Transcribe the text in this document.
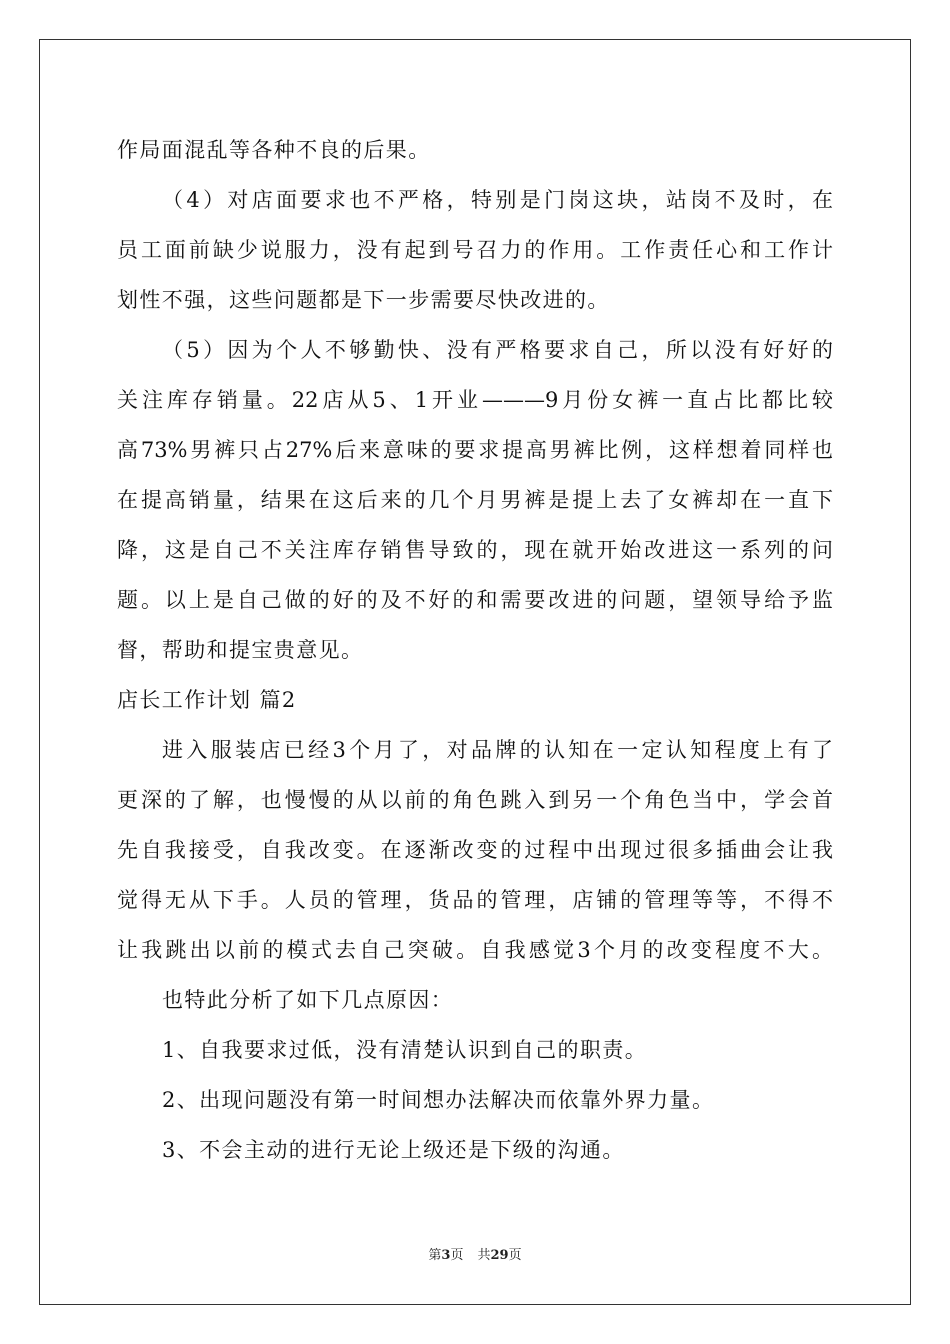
作局面混乱等各种不良的后果。
（4）对店面要求也不严格，特别是门岗这块，站岗不及时，在
员工面前缺少说服力，没有起到号召力的作用。工作责任心和工作计
划性不强，这些问题都是下一步需要尽快改进的。
（5）因为个人不够勤快、没有严格要求自己，所以没有好好的
关注库存销量。22店从5、1开业———9月份女裤一直占比都比较
高73%男裤只占27%后来意味的要求提高男裤比例，这样想着同样也
在提高销量，结果在这后来的几个月男裤是提上去了女裤却在一直下
降，这是自己不关注库存销售导致的，现在就开始改进这一系列的问
题。以上是自己做的好的及不好的和需要改进的问题，望领导给予监
督，帮助和提宝贵意见。
店长工作计划 篇2
进入服装店已经3个月了，对品牌的认知在一定认知程度上有了
更深的了解，也慢慢的从以前的角色跳入到另一个角色当中，学会首
先自我接受，自我改变。在逐渐改变的过程中出现过很多插曲会让我
觉得无从下手。人员的管理，货品的管理，店铺的管理等等，不得不
让我跳出以前的模式去自己突破。自我感觉3个月的改变程度不大。
也特此分析了如下几点原因：
1、自我要求过低，没有清楚认识到自己的职责。
2、出现问题没有第一时间想办法解决而依靠外界力量。
3、不会主动的进行无论上级还是下级的沟通。
第3页 共29页
